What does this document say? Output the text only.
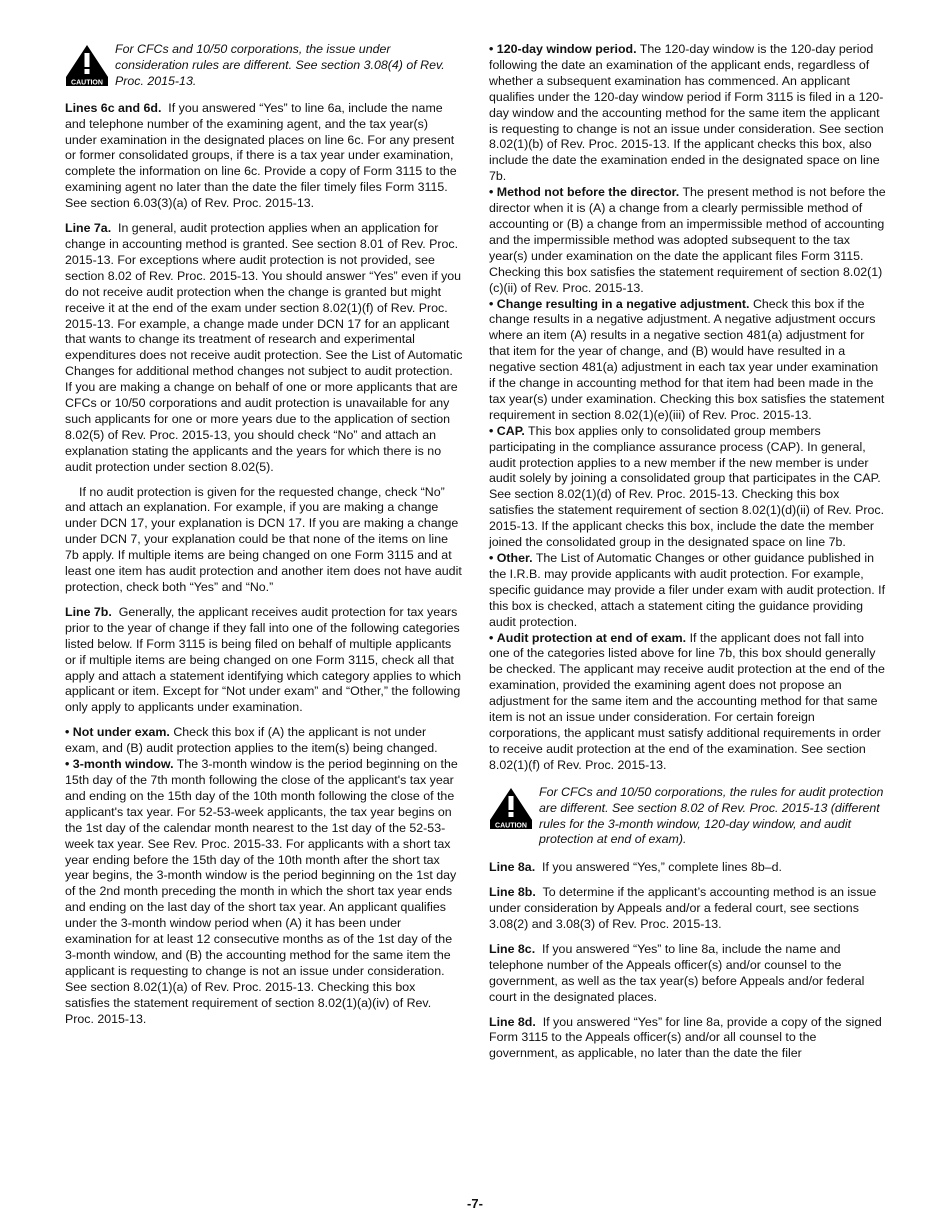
CAUTION
For CFCs and 10/50 corporations, the issue under consideration rules are different. See section 3.08(4) of Rev. Proc. 2015-13.

Lines 6c and 6d. If you answered “Yes” to line 6a, include the name and telephone number of the examining agent, and the tax year(s) under examination in the designated places on line 6c. For any present or former consolidated groups, if there is a tax year under examination, complete the information on line 6c. Provide a copy of Form 3115 to the examining agent no later than the date the filer timely files Form 3115. See section 6.03(3)(a) of Rev. Proc. 2015-13.

Line 7a. In general, audit protection applies when an application for change in accounting method is granted. See section 8.01 of Rev. Proc. 2015-13. For exceptions where audit protection is not provided, see section 8.02 of Rev. Proc. 2015-13. You should answer “Yes” even if you do not receive audit protection when the change is granted but might receive it at the end of the exam under section 8.02(1)(f) of Rev. Proc. 2015-13. For example, a change made under DCN 17 for an applicant that wants to change its treatment of research and experimental expenditures does not receive audit protection. See the List of Automatic Changes for additional method changes not subject to audit protection. If you are making a change on behalf of one or more applicants that are CFCs or 10/50 corporations and audit protection is unavailable for any such applicants for one or more years due to the application of section 8.02(5) of Rev. Proc. 2015-13, you should check “No” and attach an explanation stating the applicants and the years for which there is no audit protection under section 8.02(5).

If no audit protection is given for the requested change, check “No” and attach an explanation. For example, if you are making a change under DCN 17, your explanation is DCN 17. If you are making a change under DCN 7, your explanation could be that none of the items on line 7b apply. If multiple items are being changed on one Form 3115 and at least one item has audit protection and another item does not have audit protection, check both “Yes” and “No.”

Line 7b. Generally, the applicant receives audit protection for tax years prior to the year of change if they fall into one of the following categories listed below. If Form 3115 is being filed on behalf of multiple applicants or if multiple items are being changed on one Form 3115, check all that apply and attach a statement identifying which category applies to which applicant or item. Except for “Not under exam” and “Other,” the following only apply to applicants under examination.

• Not under exam. Check this box if (A) the applicant is not under exam, and (B) audit protection applies to the item(s) being changed.

• 3-month window. The 3-month window is the period beginning on the 15th day of the 7th month following the close of the applicant's tax year and ending on the 15th day of the 10th month following the close of the applicant's tax year. For 52-53-week applicants, the tax year begins on the 1st day of the calendar month nearest to the 1st day of the 52-53-week tax year. See Rev. Proc. 2015-33. For applicants with a short tax year ending before the 15th day of the 10th month after the short tax year begins, the 3-month window is the period beginning on the 1st day of the 2nd month preceding the month in which the short tax year ends and ending on the last day of the short tax year. An applicant qualifies under the 3-month window period when (A) it has been under examination for at least 12 consecutive months as of the 1st day of the 3-month window, and (B) the accounting method for the same item the applicant is requesting to change is not an issue under consideration. See section 8.02(1)(a) of Rev. Proc. 2015-13. Checking this box satisfies the statement requirement of section 8.02(1)(a)(iv) of Rev. Proc. 2015-13.

• 120-day window period. The 120-day window is the 120-day period following the date an examination of the applicant ends, regardless of whether a subsequent examination has commenced. An applicant qualifies under the 120-day window period if Form 3115 is filed in a 120-day window and the accounting method for the same item the applicant is requesting to change is not an issue under consideration. See section 8.02(1)(b) of Rev. Proc. 2015-13. If the applicant checks this box, also include the date the examination ended in the designated space on line 7b.

• Method not before the director. The present method is not before the director when it is (A) a change from a clearly permissible method of accounting or (B) a change from an impermissible method of accounting and the impermissible method was adopted subsequent to the tax year(s) under examination on the date the applicant files Form 3115. Checking this box satisfies the statement requirement of section 8.02(1)(c)(ii) of Rev. Proc. 2015-13.

• Change resulting in a negative adjustment. Check this box if the change results in a negative adjustment. A negative adjustment occurs where an item (A) results in a negative section 481(a) adjustment for that item for the year of change, and (B) would have resulted in a negative section 481(a) adjustment in each tax year under examination if the change in accounting method for that item had been made in the tax year(s) under examination. Checking this box satisfies the statement requirement in section 8.02(1)(e)(iii) of Rev. Proc. 2015-13.

• CAP. This box applies only to consolidated group members participating in the compliance assurance process (CAP). In general, audit protection applies to a new member if the new member is under audit solely by joining a consolidated group that participates in the CAP. See section 8.02(1)(d) of Rev. Proc. 2015-13. Checking this box satisfies the statement requirement of section 8.02(1)(d)(ii) of Rev. Proc. 2015-13. If the applicant checks this box, include the date the member joined the consolidated group in the designated space on line 7b.

• Other. The List of Automatic Changes or other guidance published in the I.R.B. may provide applicants with audit protection. For example, specific guidance may provide a filer under exam with audit protection. If this box is checked, attach a statement citing the guidance providing audit protection.

• Audit protection at end of exam. If the applicant does not fall into one of the categories listed above for line 7b, this box should generally be checked. The applicant may receive audit protection at the end of the examination, provided the examining agent does not propose an adjustment for the same item and the accounting method for that same item is not an issue under consideration. For certain foreign corporations, the applicant must satisfy additional requirements in order to receive audit protection at the end of the examination. See section 8.02(1)(f) of Rev. Proc. 2015-13.

CAUTION
For CFCs and 10/50 corporations, the rules for audit protection are different. See section 8.02 of Rev. Proc. 2015-13 (different rules for the 3-month window, 120-day window, and audit protection at end of exam).

Line 8a. If you answered “Yes,” complete lines 8b–d.

Line 8b. To determine if the applicant’s accounting method is an issue under consideration by Appeals and/or a federal court, see sections 3.08(2) and 3.08(3) of Rev. Proc. 2015-13.

Line 8c. If you answered “Yes” to line 8a, include the name and telephone number of the Appeals officer(s) and/or counsel to the government, as well as the tax year(s) before Appeals and/or federal court in the designated places.

Line 8d. If you answered “Yes” for line 8a, provide a copy of the signed Form 3115 to the Appeals officer(s) and/or all counsel to the government, as applicable, no later than the date the filer

-7-
